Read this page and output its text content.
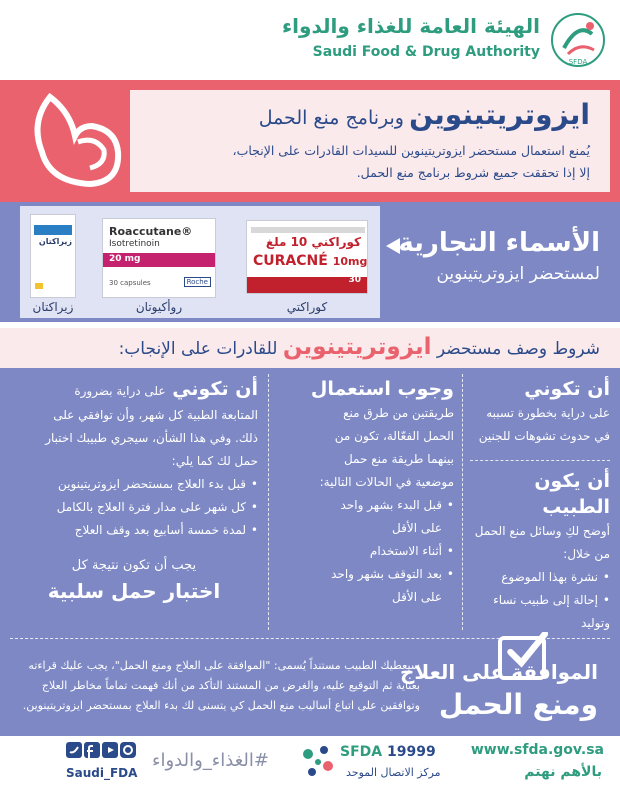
SFDA
الهيئة العامة للغذاء والدواء
Saudi Food & Drug Authority
ايزوتريتينوين وبرنامج منع الحمل
يُمنع استعمال مستحضر ايزوتريتينوين للسيدات القادرات على الإنجاب،
إلا إذا تحققت جميع شروط برنامج منع الحمل.
كوراكني 10 ملغ
CURACNÉ 10mg
30
Roaccutane®
Isotretinoin
20 mg
30 capsules	Roche
زيراكتان
زيراكتان	روأكيوتان	كوراكتي
الأسماء التجارية
لمستحضر ايزوتريتينوين
شروط وصف مستحضر ايزوتريتينوين للقادرات على الإنجاب:
أن تكوني
على دراية بخطورة تسببه
في حدوث تشوهات للجنين
أن يكون الطبيب
أوضح لكِ وسائل منع الحمل
من خلال:
• نشرة بهذا الموضوع
• إحالة إلى طبيب نساء
وتوليد
وجوب استعمال
طريقتين من طرق منع
الحمل الفعّالة، تكون من
بينهما طريقة منع حمل
موضعية في الحالات التالية:
• قبل البدء بشهر واحد
على الأقل
• أثناء الاستخدام
• بعد التوقف بشهر واحد
على الأقل
أن تكوني على دراية بضرورة
المتابعة الطبية كل شهر، وأن توافقي على
ذلك. وفي هذا الشأن، سيجري طبيبك اختبار
حمل لك كما يلي:
• قبل بدء العلاج بمستحضر ايزوتريتينوين
• كل شهر على مدار فترة العلاج بالكامل
• لمدة خمسة أسابيع بعد وقف العلاج
يجب أن تكون نتيجة كل
اختبار حمل سلبية
الموافقة على العلاج
ومنع الحمل
سيعطيك الطبيب مستنداً يُسمى: "الموافقة على العلاج ومنع الحمل"، يجب عليك قراءته
بعناية ثم التوقيع عليه، والغرض من المستند التأكد من أنك فهمت تماماً مخاطر العلاج
وتوافقين على اتباع أساليب منع الحمل كي يتسنى لك بدء العلاج بمستحضر ايزوتريتينوين.
www.sfda.gov.sa
بالأهم نهتم
SFDA 19999
مركز الاتصال الموحد
#الغذاء_والدواء
Saudi_FDA
